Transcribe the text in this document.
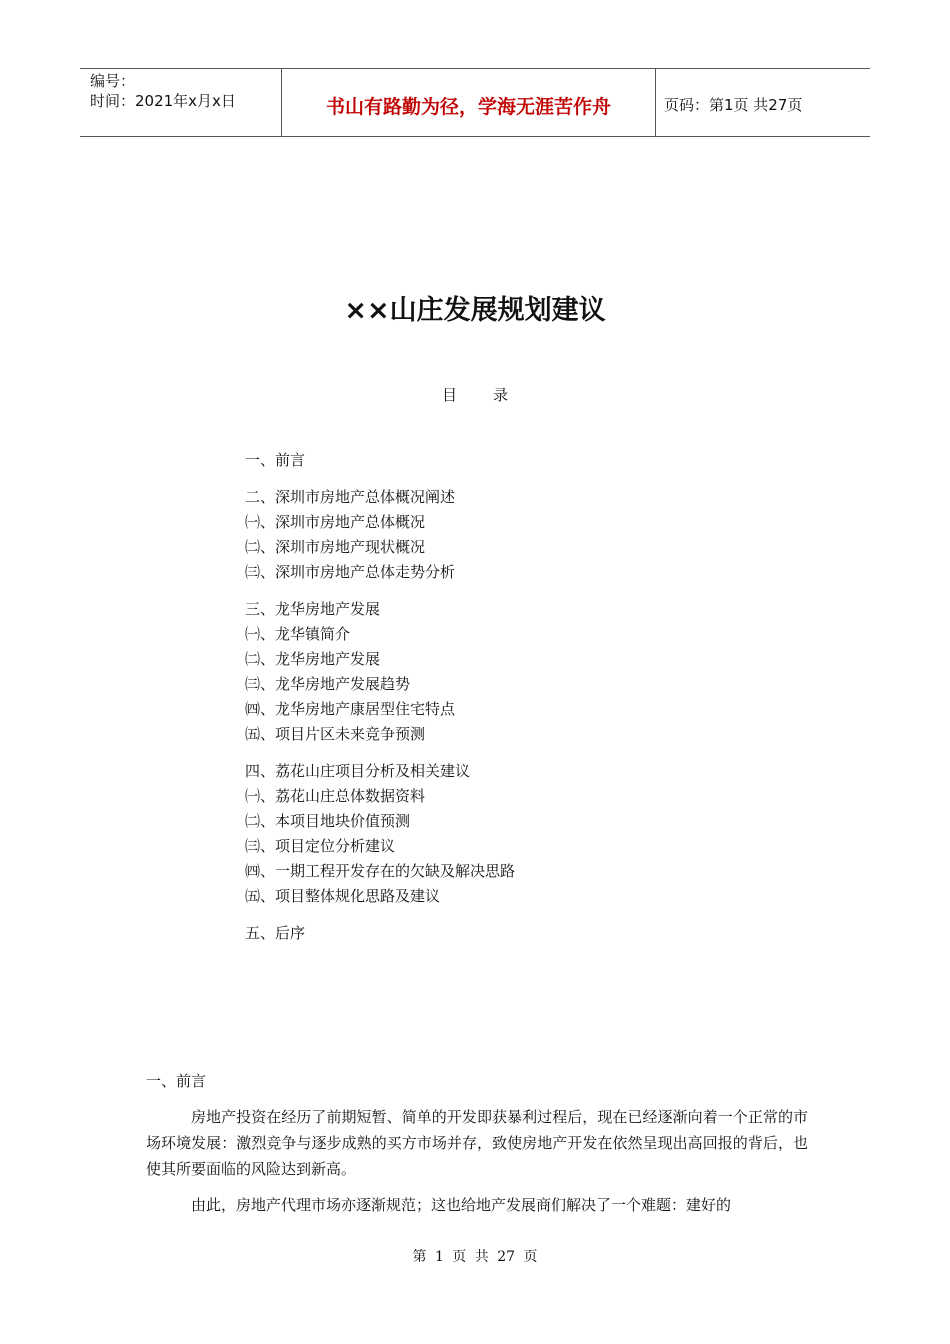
编号：
时间：2021年x月x日	书山有路勤为径，学海无涯苦作舟	页码：第1页 共27页
××山庄发展规划建议
目录
一、前言
二、深圳市房地产总体概况阐述
㈠、深圳市房地产总体概况
㈡、深圳市房地产现状概况
㈢、深圳市房地产总体走势分析
三、龙华房地产发展
㈠、龙华镇简介
㈡、龙华房地产发展
㈢、龙华房地产发展趋势
㈣、龙华房地产康居型住宅特点
㈤、项目片区未来竞争预测
四、荔花山庄项目分析及相关建议
㈠、荔花山庄总体数据资料
㈡、本项目地块价值预测
㈢、项目定位分析建议
㈣、一期工程开发存在的欠缺及解决思路
㈤、项目整体规化思路及建议
五、后序
一、前言
房地产投资在经历了前期短暂、简单的开发即获暴利过程后，现在已经逐渐向着一个正常的市场环境发展：激烈竞争与逐步成熟的买方市场并存，致使房地产开发在依然呈现出高回报的背后，也使其所要面临的风险达到新高。
由此，房地产代理市场亦逐渐规范；这也给地产发展商们解决了一个难题：建好的
第 1 页 共 27 页
